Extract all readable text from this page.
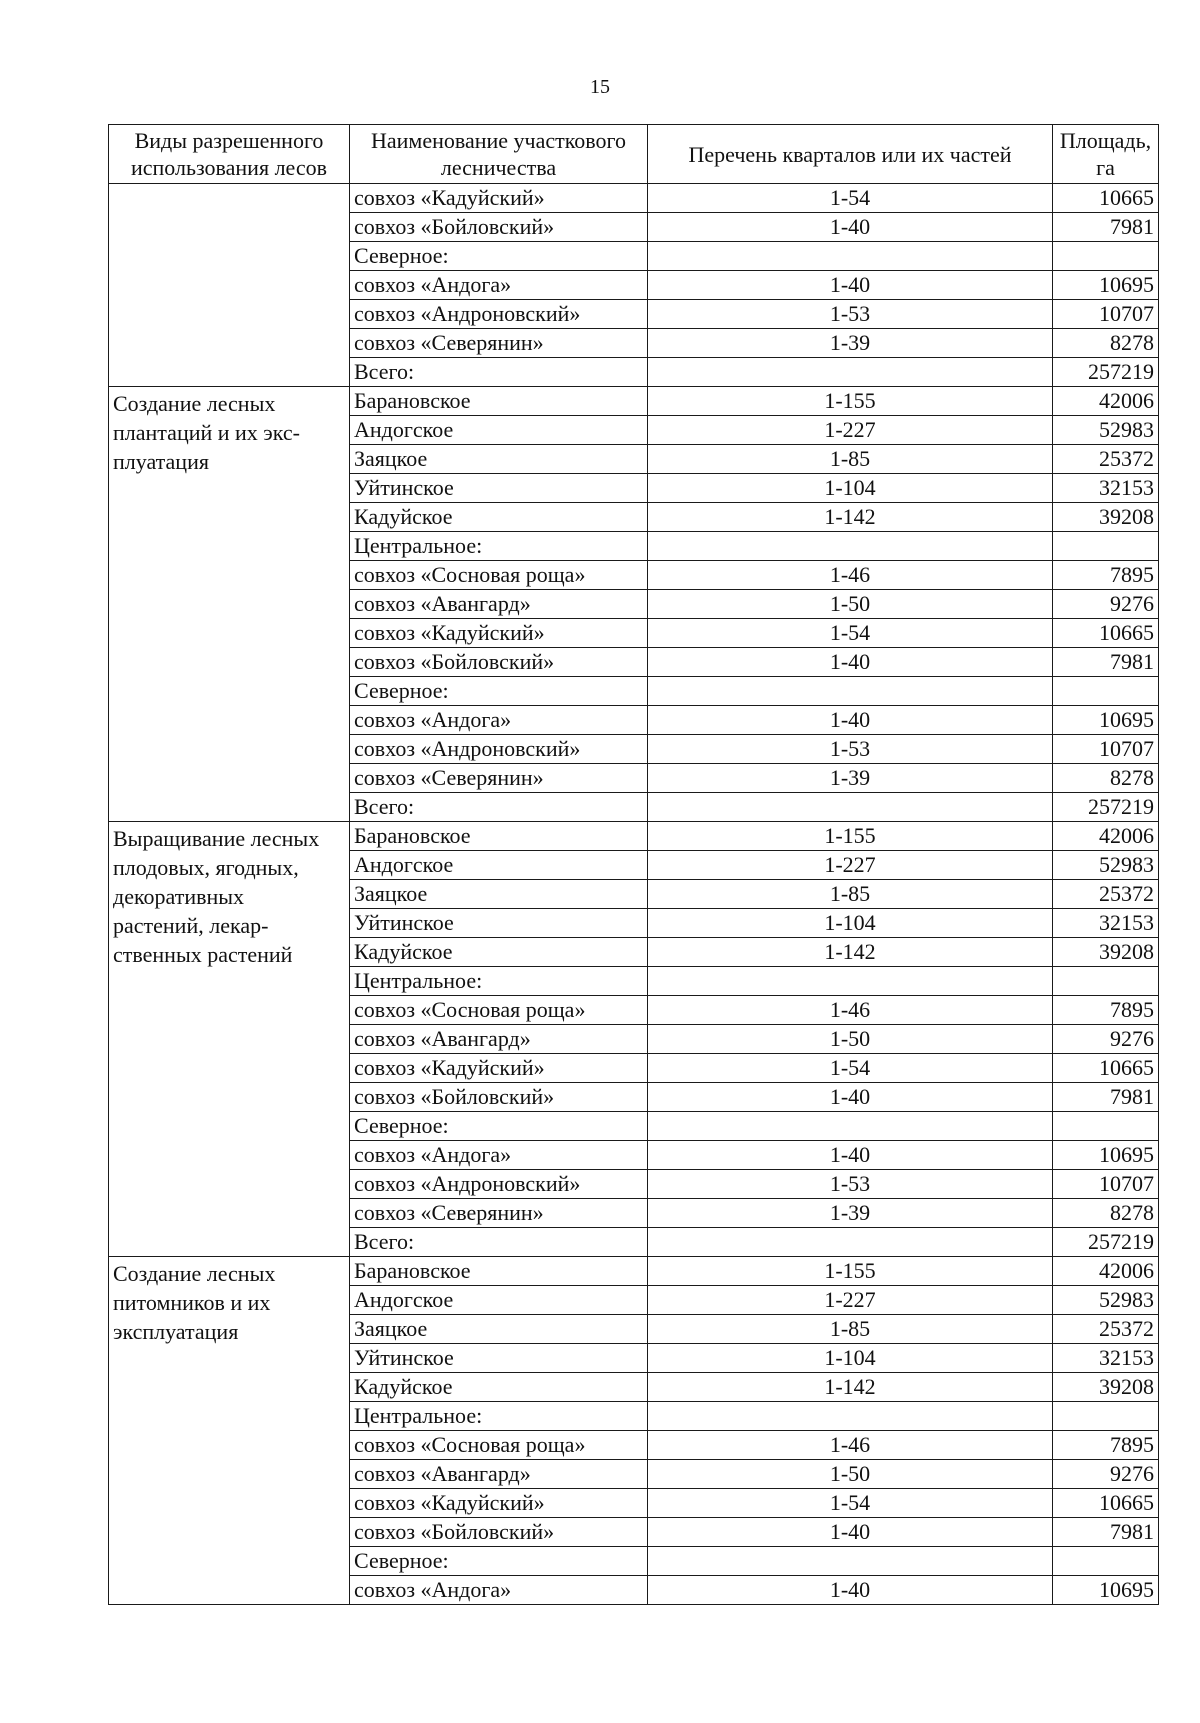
15
Виды разрешенного использования лесов	Наименование участкового лесничества	Перечень кварталов или их частей	Площадь, га
	совхоз «Кадуйский»	1-54	10665
	совхоз «Бойловский»	1-40	7981
	Северное:		
	совхоз «Андога»	1-40	10695
	совхоз «Андроновский»	1-53	10707
	совхоз «Северянин»	1-39	8278
	Всего:		257219
Создание лесных
плантаций и их экс-
плуатация	Барановское	1-155	42006
	Андогское	1-227	52983
	Заяцкое	1-85	25372
	Уйтинское	1-104	32153
	Кадуйское	1-142	39208
	Центральное:		
	совхоз «Сосновая роща»	1-46	7895
	совхоз «Авангард»	1-50	9276
	совхоз «Кадуйский»	1-54	10665
	совхоз «Бойловский»	1-40	7981
	Северное:		
	совхоз «Андога»	1-40	10695
	совхоз «Андроновский»	1-53	10707
	совхоз «Северянин»	1-39	8278
	Всего:		257219
Выращивание лесных
плодовых, ягодных,
декоративных
растений, лекар-
ственных растений	Барановское	1-155	42006
	Андогское	1-227	52983
	Заяцкое	1-85	25372
	Уйтинское	1-104	32153
	Кадуйское	1-142	39208
	Центральное:		
	совхоз «Сосновая роща»	1-46	7895
	совхоз «Авангард»	1-50	9276
	совхоз «Кадуйский»	1-54	10665
	совхоз «Бойловский»	1-40	7981
	Северное:		
	совхоз «Андога»	1-40	10695
	совхоз «Андроновский»	1-53	10707
	совхоз «Северянин»	1-39	8278
	Всего:		257219
Создание лесных
питомников и их
эксплуатация	Барановское	1-155	42006
	Андогское	1-227	52983
	Заяцкое	1-85	25372
	Уйтинское	1-104	32153
	Кадуйское	1-142	39208
	Центральное:		
	совхоз «Сосновая роща»	1-46	7895
	совхоз «Авангард»	1-50	9276
	совхоз «Кадуйский»	1-54	10665
	совхоз «Бойловский»	1-40	7981
	Северное:		
	совхоз «Андога»	1-40	10695
